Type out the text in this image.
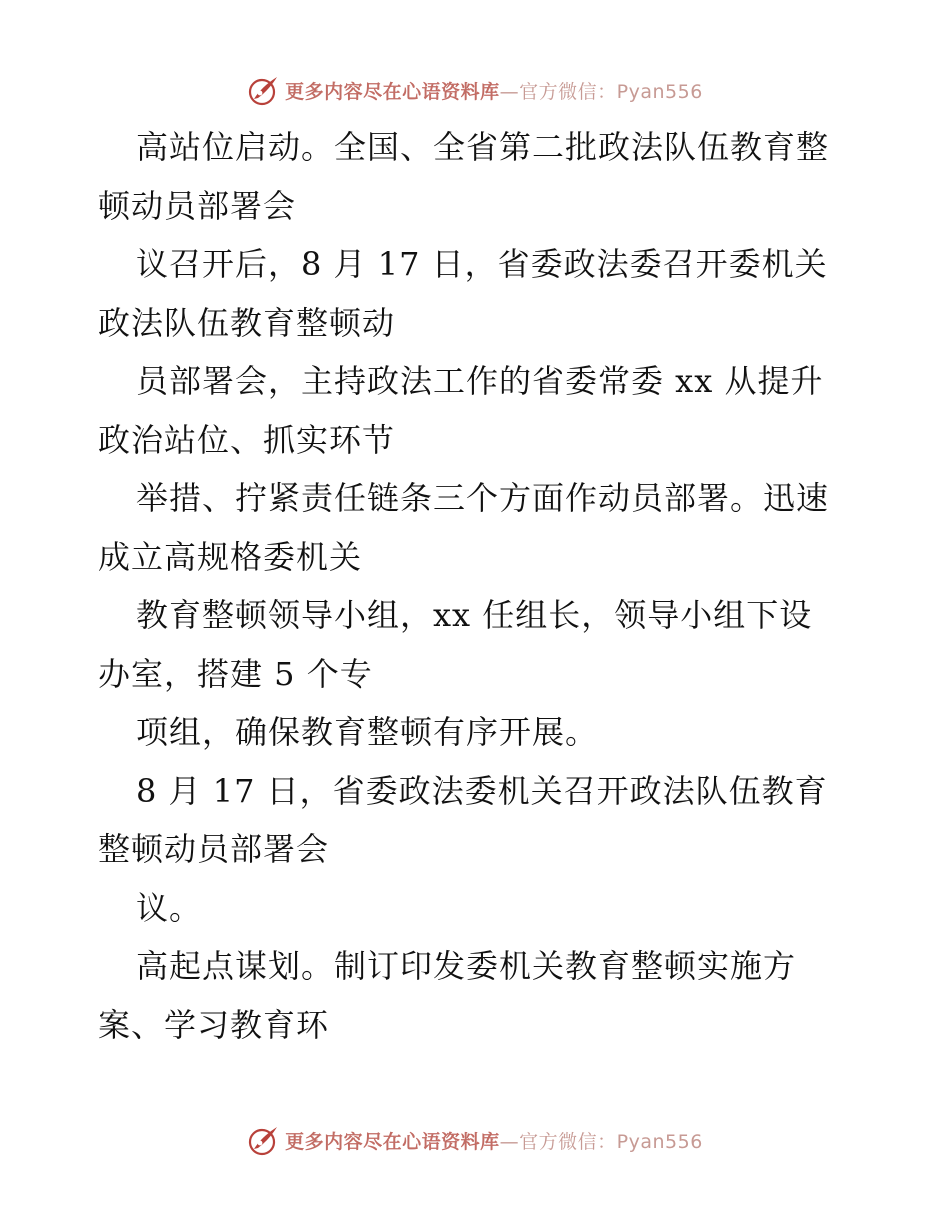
更多内容尽在心语资料库—官方微信：Pyan556
高站位启动。全国、全省第二批政法队伍教育整
顿动员部署会
议召开后，8 月 17 日，省委政法委召开委机关
政法队伍教育整顿动
员部署会，主持政法工作的省委常委 xx 从提升
政治站位、抓实环节
举措、拧紧责任链条三个方面作动员部署。迅速
成立高规格委机关
教育整顿领导小组，xx 任组长，领导小组下设
办室，搭建 5 个专
项组，确保教育整顿有序开展。
8 月 17 日，省委政法委机关召开政法队伍教育
整顿动员部署会
议。
高起点谋划。制订印发委机关教育整顿实施方
案、学习教育环
更多内容尽在心语资料库—官方微信：Pyan556
